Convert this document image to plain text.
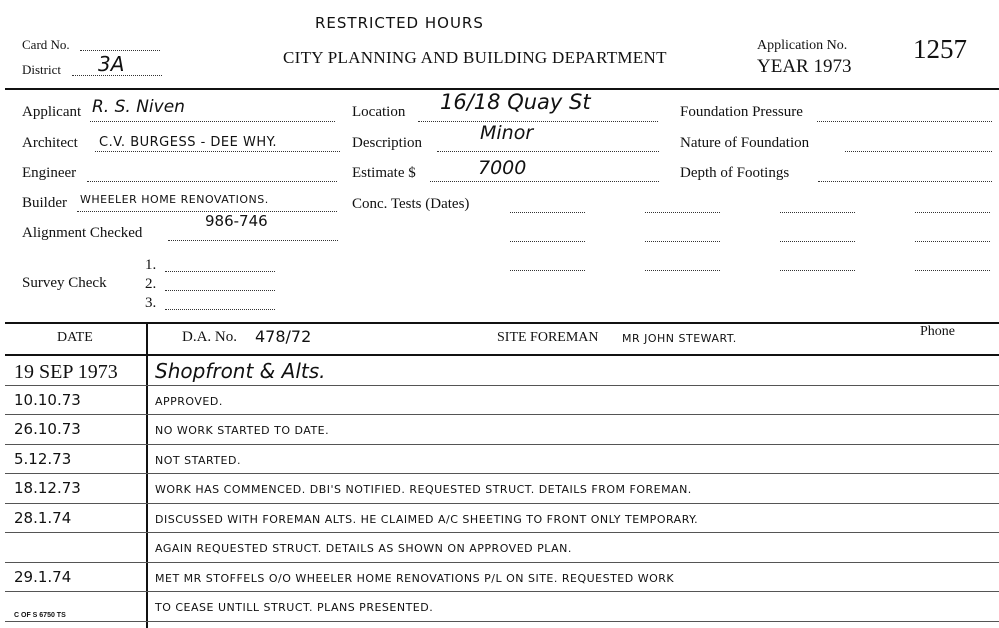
RESTRICTED HOURS
Card No.
District 3A	CITY PLANNING AND BUILDING DEPARTMENT
Application No.
YEAR 1973
1257
Applicant R. S. Niven
Architect C.V. BURGESS - DEE WHY.
Engineer
Builder WHEELER HOME RENOVATIONS.
986-746
Alignment Checked
Survey Check
1.
2.
3.
Location 16/18 Quay St
Description	Minor
Estimate $	7000
Conc. Tests (Dates)
Foundation Pressure
Nature of Foundation
Depth of Footings
DATE	D.A. No. 478/72	SITE FOREMAN MR JOHN STEWART.	Phone
19 SEP 1973 Shopfront & Alts.
10.10.73	APPROVED.
26.10.73	NO WORK STARTED TO DATE.
5.12.73	NOT STARTED.
18.12.73	WORK HAS COMMENCED. DBI'S NOTIFIED. REQUESTED STRUCT. DETAILS FROM FOREMAN.
28.1.74	DISCUSSED WITH FOREMAN ALTS. HE CLAIMED A/C SHEETING TO FRONT ONLY TEMPORARY.
AGAIN REQUESTED STRUCT. DETAILS AS SHOWN ON APPROVED PLAN.
29.1.74	MET MR STOFFELS O/O WHEELER HOME RENOVATIONS P/L ON SITE. REQUESTED WORK
TO CEASE UNTILL STRUCT. PLANS PRESENTED.
C OF S 6750 TS
